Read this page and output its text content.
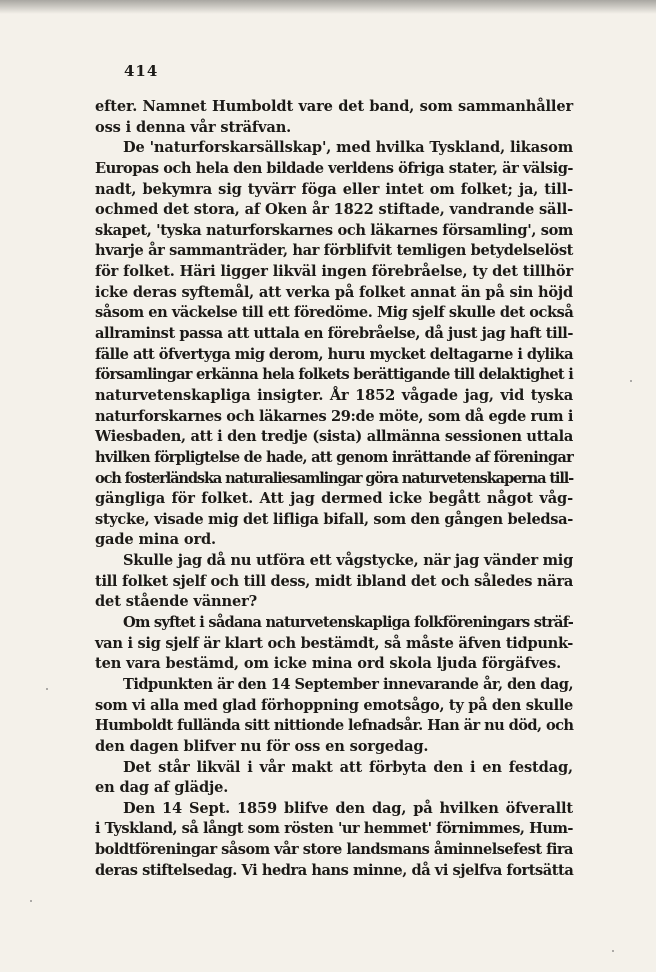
414
efter. Namnet Humboldt vare det band, som sammanhåller
oss i denna vår sträfvan.
De 'naturforskarsällskap', med hvilka Tyskland, likasom
Europas och hela den bildade verldens öfriga stater, är välsig-
nadt, bekymra sig tyvärr föga eller intet om folket; ja, till-
ochmed det stora, af Oken år 1822 stiftade, vandrande säll-
skapet, 'tyska naturforskarnes och läkarnes församling', som
hvarje år sammanträder, har förblifvit temligen betydelselöst
för folket. Häri ligger likväl ingen förebråelse, ty det tillhör
icke deras syftemål, att verka på folket annat än på sin höjd
såsom en väckelse till ett föredöme. Mig sjelf skulle det också
allraminst passa att uttala en förebråelse, då just jag haft till-
fälle att öfvertyga mig derom, huru mycket deltagarne i dylika
församlingar erkänna hela folkets berättigande till delaktighet i
naturvetenskapliga insigter. År 1852 vågade jag, vid tyska
naturforskarnes och läkarnes 29:de möte, som då egde rum i
Wiesbaden, att i den tredje (sista) allmänna sessionen uttala
hvilken förpligtelse de hade, att genom inrättande af föreningar
och fosterländska naturaliesamlingar göra naturvetenskaperna till-
gängliga för folket. Att jag dermed icke begått något våg-
stycke, visade mig det lifliga bifall, som den gången beledsa-
gade mina ord.
Skulle jag då nu utföra ett vågstycke, när jag vänder mig
till folket sjelf och till dess, midt ibland det och således nära
det stående vänner?
Om syftet i sådana naturvetenskapliga folkföreningars sträf-
van i sig sjelf är klart och bestämdt, så måste äfven tidpunk-
ten vara bestämd, om icke mina ord skola ljuda förgäfves.
Tidpunkten är den 14 September innevarande år, den dag,
som vi alla med glad förhoppning emotsågo, ty på den skulle
Humboldt fullända sitt nittionde lefnadsår. Han är nu död, och
den dagen blifver nu för oss en sorgedag.
Det står likväl i vår makt att förbyta den i en festdag,
en dag af glädje.
Den 14 Sept. 1859 blifve den dag, på hvilken öfverallt
i Tyskland, så långt som rösten 'ur hemmet' förnimmes, Hum-
boldtföreningar såsom vår store landsmans åminnelsefest fira
deras stiftelsedag. Vi hedra hans minne, då vi sjelfva fortsätta
